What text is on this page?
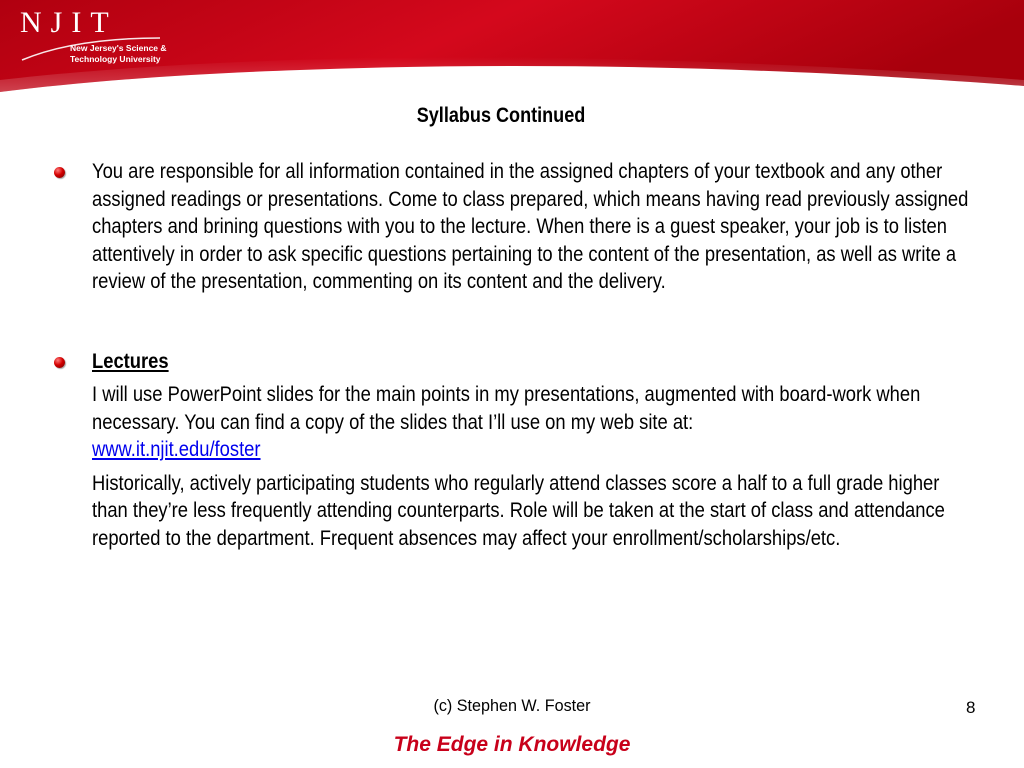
NJIT
New Jersey's Science &
Technology University
Syllabus Continued
You are responsible for all information contained in the assigned chapters of your textbook and any other assigned readings or presentations. Come to class prepared, which means having read previously assigned chapters and brining questions with you to the lecture. When there is a guest speaker, your job is to listen attentively in order to ask specific questions pertaining to the content of the presentation, as well as write a review of the presentation, commenting on its content and the delivery.
Lectures
I will use PowerPoint slides for the main points in my presentations, augmented with board-work when necessary. You can find a copy of the slides that I’ll use on my web site at:
www.it.njit.edu/foster
Historically, actively participating students who regularly attend classes score a half to a full grade higher than they’re less frequently attending counterparts. Role will be taken at the start of class and attendance reported to the department. Frequent absences may affect your enrollment/scholarships/etc.
(c) Stephen W. Foster	8
The Edge in Knowledge
